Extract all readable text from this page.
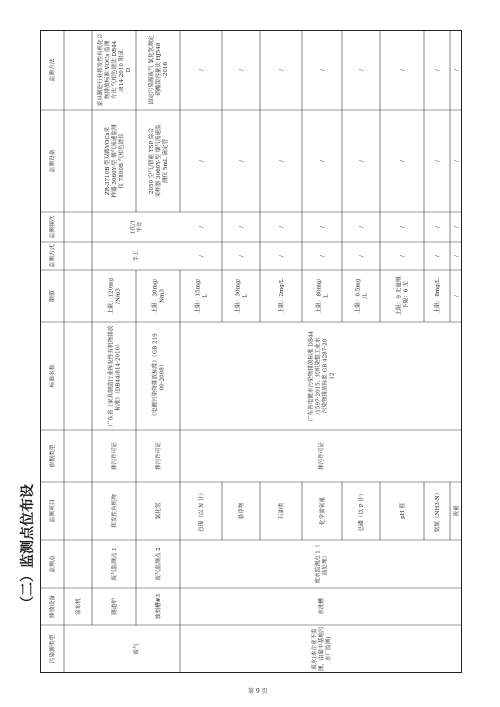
（二）监测点位布设
污染源类型
排放设备
监测点
监测项目
依据类型
标准名称
限值
监测方式
监测频次
监测设备
监测方法
涂布机
废气
隧道炉
废气监测点 1
挥发性有机物
排污许可证
广东省《家具制造行业挥发性有机物排放标准》（DB44/814-2010）
上限：120mg/Nm3
手工
1次/1半年
ZR-3710B 型双路VOCs采样器 3060Y-型 烟气流速监测仪 7890B 气相色谱仪
家具制造行业挥发性有机化合物排放标准 VOCs 监测方法 气相色谱法 DB44/814-2010 附录 D
蚀刻槽#3
废气监测点 2
氯化氢
排污许可证
《电镀污染物排放标准》（GB 21900-2008）
上限：30mg/Nm3
2050 空气/智能 TSP 综合采样器 3060Y-型 烟气流速监测仪 5mL 滴定管
固定污染源废气 氯化氢测定 硝酸银容量法 HJ548-2016
废水(本企业不监测，由蒙丰基地污水厂监测)
水洗槽
废水监测点 1（前处理）
总镍（以 N 计）
排污许可证
广东省电镀水污染物排放标准 DB44/1597-2015、纺织染整工业水污染物排放标准 GB 4287-2012
上限：15mg/L
/
/
/
/
悬浮物
上限：30mg/L
/
/
/
/
石油类
上限：2mg/L
/
/
/
/
化学需氧量
上限：80mg/L
/
/
/
/
总磷（以 P 计）
上限：0.5mg/L
/
/
/
/
pH 值
上限：9 无量纲 下限：6 无
/
/
/
/
氨氮（NH3-N）
上限：8mg/L
/
/
/
/
流量
/
/
/
/
/
第 9 页
